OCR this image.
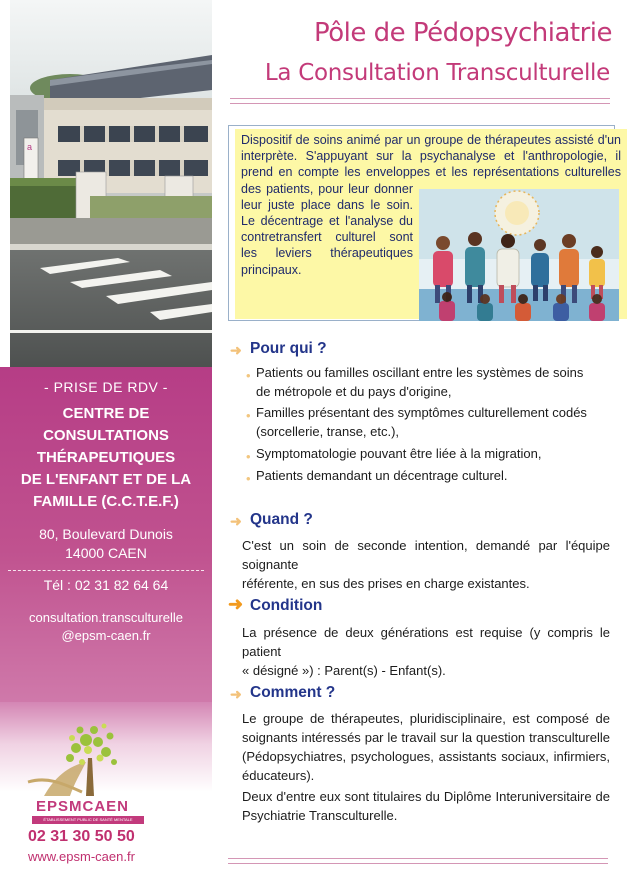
a
- PRISE DE RDV -
CENTRE DE
CONSULTATIONS
THÉRAPEUTIQUES
DE L'ENFANT ET DE LA
FAMILLE (C.C.T.E.F.)
80, Boulevard Dunois
14000 CAEN
Tél : 02 31 82 64 64
consultation.transculturelle
@epsm-caen.fr
EPSMCAEN
ÉTABLISSEMENT PUBLIC DE SANTÉ MENTALE
02 31 30 50 50
www.epsm-caen.fr
Pôle de Pédopsychiatrie
La Consultation Transculturelle
Dispositif de soins animé par un groupe de thérapeutes assisté d'un
interprète. S'appuyant sur la psychanalyse et l'anthropologie, il
prend en compte les enveloppes et les représentations culturelles
des patients, pour leur donner
leur juste place dans le soin.
Le décentrage et l'analyse du
contretransfert culturel sont
les leviers thérapeutiques
principaux.
➜ Pour qui ?
• Patients ou familles oscillant entre les systèmes de soins
de métropole et du pays d'origine,
• Familles présentant des symptômes culturellement codés
(sorcellerie, transe, etc.),
• Symptomatologie pouvant être liée à la migration,
• Patients demandant un décentrage culturel.
➜ Quand ?
C'est un soin de seconde intention, demandé par l'équipe soignante
référente, en sus des prises en charge existantes.
➜ Condition
La présence de deux générations est requise (y compris le patient
« désigné ») : Parent(s) - Enfant(s).
➜ Comment ?
Le groupe de thérapeutes, pluridisciplinaire, est composé de
soignants intéressés par le travail sur la question transculturelle
(Pédopsychiatres, psychologues, assistants sociaux, infirmiers,
éducateurs).
Deux d'entre eux sont titulaires du Diplôme Interuniversitaire de
Psychiatrie Transculturelle.
